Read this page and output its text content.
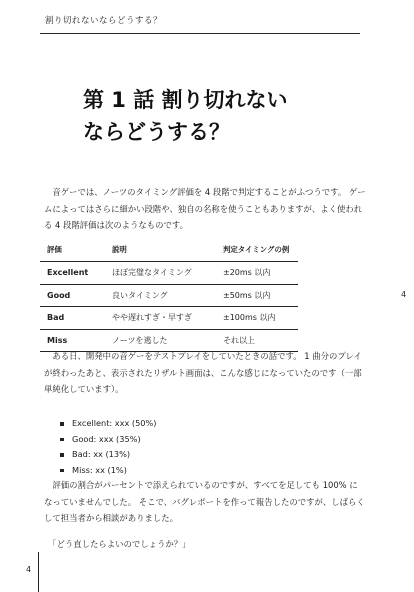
割り切れないならどうする？
第 1 話 割り切れない
ならどうする？

　音ゲーでは、ノーツのタイミング評価を 4 段階で判定することがふつうです。 ゲームによってはさらに細かい段階や、独自の名称を使うこともありますが、よく使われる 4 段階評価は次のようなものです。

評価	説明	判定タイミングの例
Excellent	ほぼ完璧なタイミング	±20ms 以内
Good	良いタイミング	±50ms 以内
Bad	やや遅れすぎ・早すぎ	±100ms 以内
Miss	ノーツを逃した	それ以上

　ある日、開発中の音ゲーをテストプレイをしていたときの話です。 1 曲分のプレイが終わったあと、表示されたリザルト画面は、こんな感じになっていたのです（一部単純化しています）。

Excellent: xxx (50%)
Good: xxx (35%)
Bad: xx (13%)
Miss: xx (1%)

　評価の割合がパーセントで添えられているのですが、すべてを足しても 100% になっていませんでした。 そこで、バグレポートを作って報告したのですが、しばらくして担当者から相談がありました。

　「どう直したらよいのでしょうか？」

4
4
